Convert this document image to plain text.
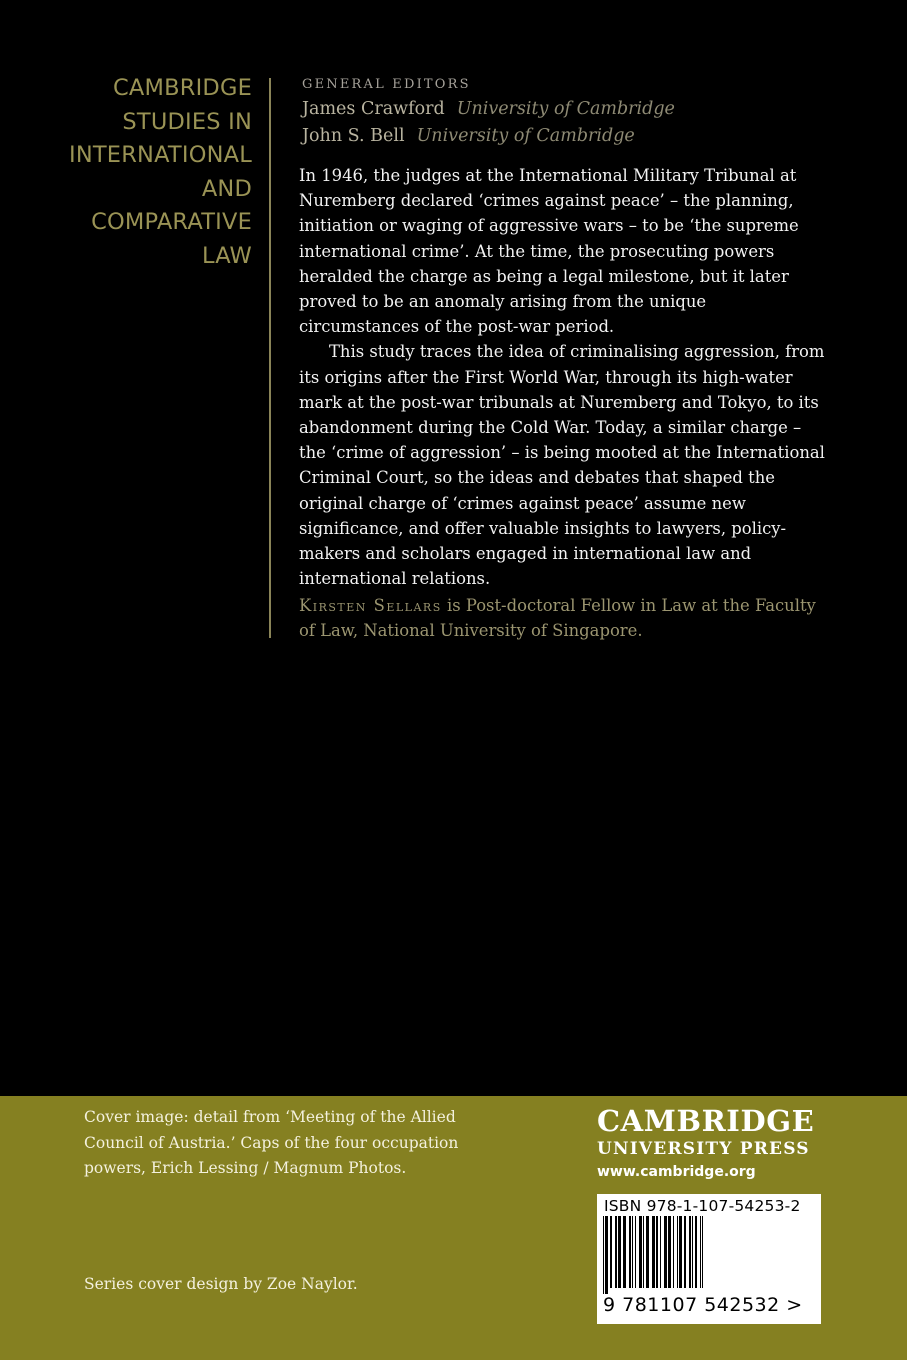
CAMBRIDGE
STUDIES IN
INTERNATIONAL
AND
COMPARATIVE
LAW
GENERAL EDITORS
James Crawford University of Cambridge
John S. Bell University of Cambridge

In 1946, the judges at the International Military Tribunal at Nuremberg declared ‘crimes against peace’ – the planning, initiation or waging of aggressive wars – to be ‘the supreme international crime’. At the time, the prosecuting powers heralded the charge as being a legal milestone, but it later proved to be an anomaly arising from the unique circumstances of the post-war period.

This study traces the idea of criminalising aggression, from its origins after the First World War, through its high-water mark at the post-war tribunals at Nuremberg and Tokyo, to its abandonment during the Cold War. Today, a similar charge – the ‘crime of aggression’ – is being mooted at the International Criminal Court, so the ideas and debates that shaped the original charge of ‘crimes against peace’ assume new significance, and offer valuable insights to lawyers, policy-makers and scholars engaged in international law and international relations.

Kirsten Sellars is Post-doctoral Fellow in Law at the Faculty of Law, National University of Singapore.
Cover image: detail from ‘Meeting of the Allied Council of Austria.’ Caps of the four occupation powers, Erich Lessing / Magnum Photos.
Series cover design by Zoe Naylor.
CAMBRIDGE
UNIVERSITY PRESS
www.cambridge.org
ISBN 978-1-107-54253-2
9 781107 542532 >
